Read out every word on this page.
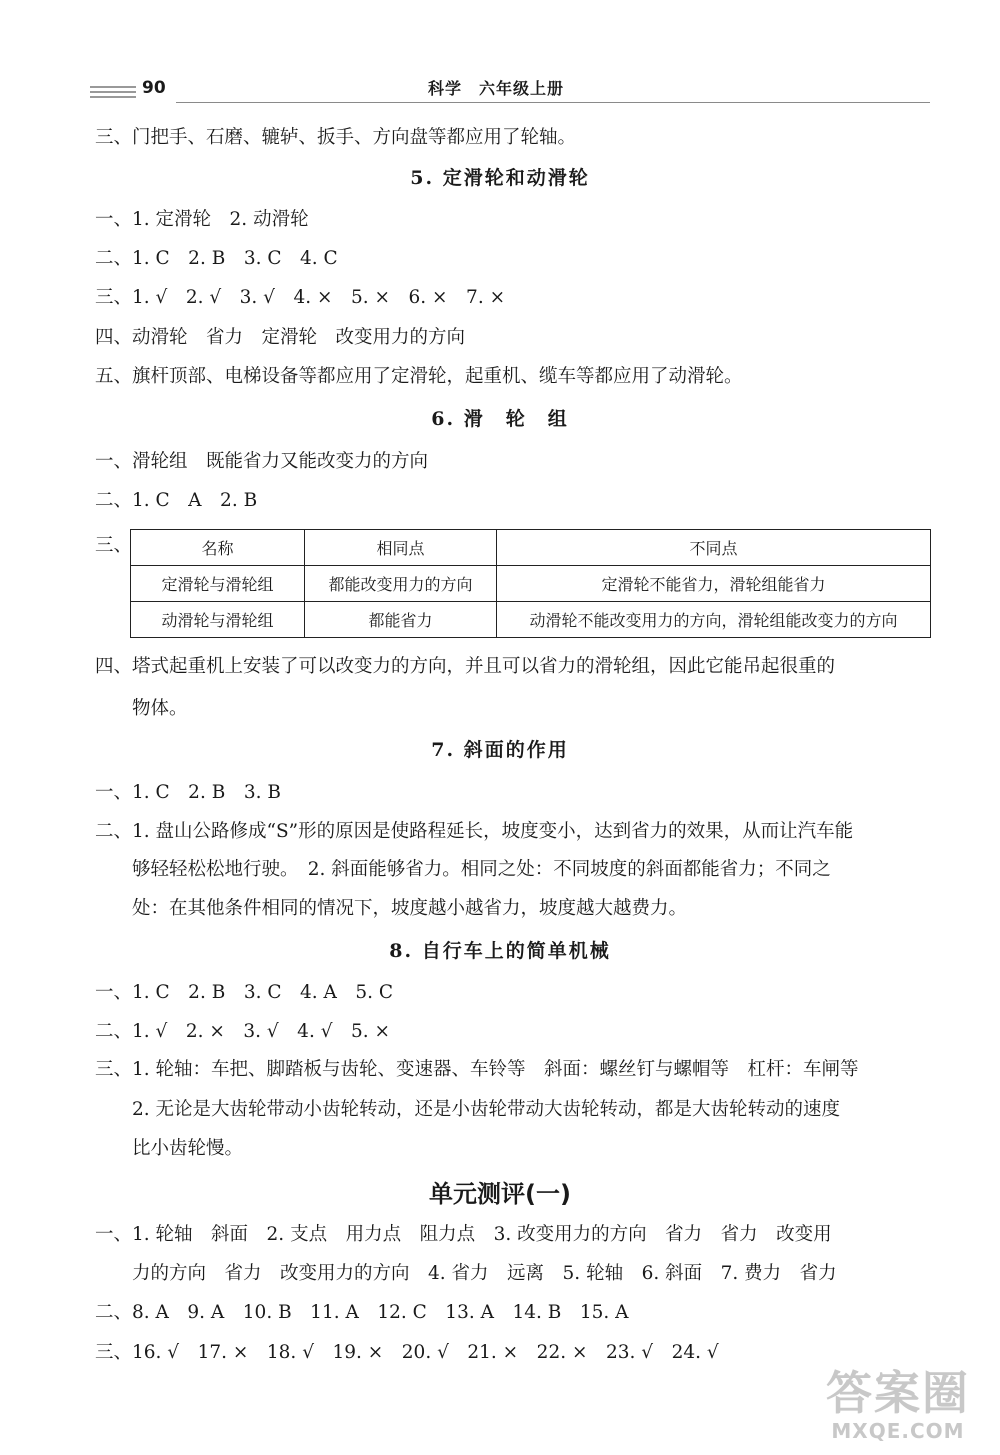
90	科学　六年级上册
三、门把手、石磨、辘轳、扳手、方向盘等都应用了轮轴。
5. 定滑轮和动滑轮
一、1. 定滑轮　2. 动滑轮
二、1. C　2. B　3. C　4. C
三、1. √　2. √　3. √　4. ×　5. ×　6. ×　7. ×
四、动滑轮　省力　定滑轮　改变用力的方向
五、旗杆顶部、电梯设备等都应用了定滑轮，起重机、缆车等都应用了动滑轮。
6. 滑　轮　组
一、滑轮组　既能省力又能改变力的方向
二、1. C　A　2. B
三、	名称	相同点	不同点
定滑轮与滑轮组	都能改变用力的方向	定滑轮不能省力，滑轮组能省力
动滑轮与滑轮组	都能省力	动滑轮不能改变用力的方向，滑轮组能改变力的方向
四、塔式起重机上安装了可以改变力的方向，并且可以省力的滑轮组，因此它能吊起很重的
物体。
7. 斜面的作用
一、1. C　2. B　3. B
二、1. 盘山公路修成“S”形的原因是使路程延长，坡度变小，达到省力的效果，从而让汽车能
够轻轻松松地行驶。　2. 斜面能够省力。相同之处：不同坡度的斜面都能省力；不同之
处：在其他条件相同的情况下，坡度越小越省力，坡度越大越费力。
8. 自行车上的简单机械
一、1. C　2. B　3. C　4. A　5. C
二、1. √　2. ×　3. √　4. √　5. ×
三、1. 轮轴：车把、脚踏板与齿轮、变速器、车铃等　斜面：螺丝钉与螺帽等　杠杆：车闸等
2. 无论是大齿轮带动小齿轮转动，还是小齿轮带动大齿轮转动，都是大齿轮转动的速度
比小齿轮慢。
单元测评(一)
一、1. 轮轴　斜面　2. 支点　用力点　阻力点　3. 改变用力的方向　省力　省力　改变用
力的方向　省力　改变用力的方向　4. 省力　远离　5. 轮轴　6. 斜面　7. 费力　省力
二、8. A　9. A　10. B　11. A　12. C　13. A　14. B　15. A
三、16. √　17. ×　18. √　19. ×　20. √　21. ×　22. ×　23. √　24. √
答案圈
MXQE.COM
